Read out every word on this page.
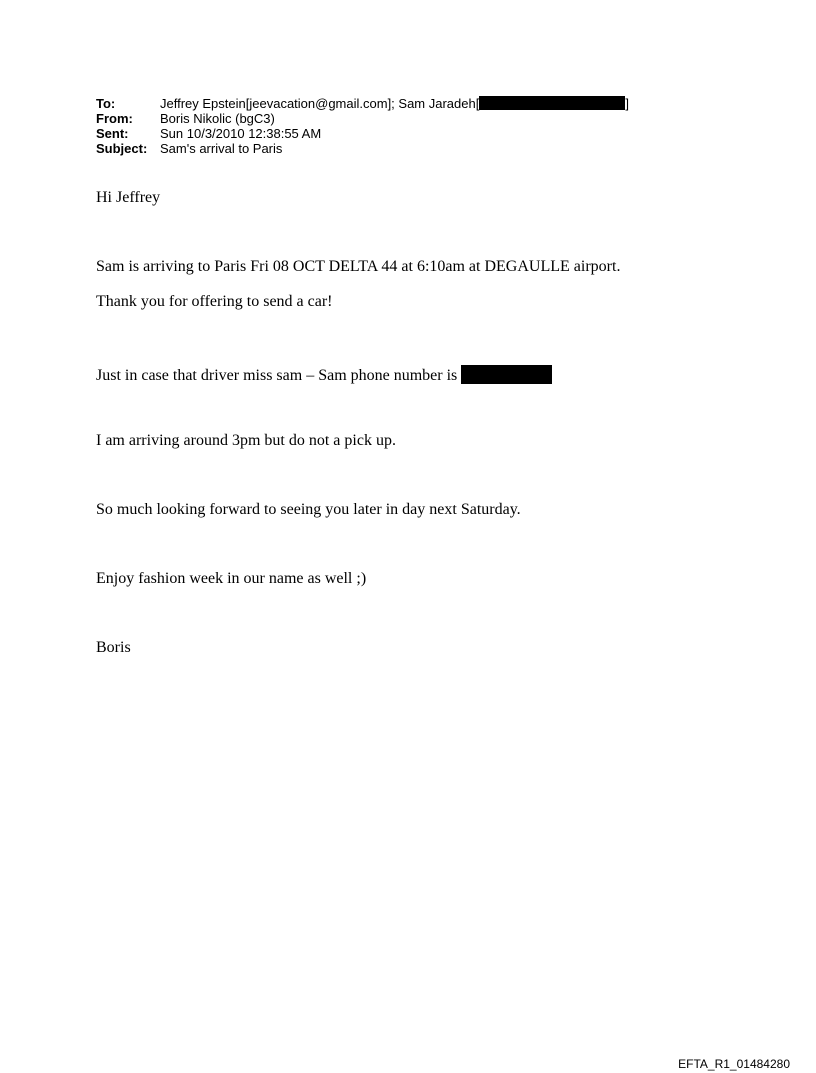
To:	Jeffrey Epstein[jeevacation@gmail.com]; Sam Jaradeh[	]
From:	Boris Nikolic (bgC3)
Sent:	Sun 10/3/2010 12:38:55 AM
Subject: Sam's arrival to Paris
Hi Jeffrey
Sam is arriving to Paris Fri 08 OCT DELTA 44 at 6:10am at DEGAULLE airport.
Thank you for offering to send a car!
Just in case that driver miss sam – Sam phone number is
I am arriving around 3pm but do not a pick up.
So much looking forward to seeing you later in day next Saturday.
Enjoy fashion week in our name as well ;)
Boris
EFTA_R1_01484280
